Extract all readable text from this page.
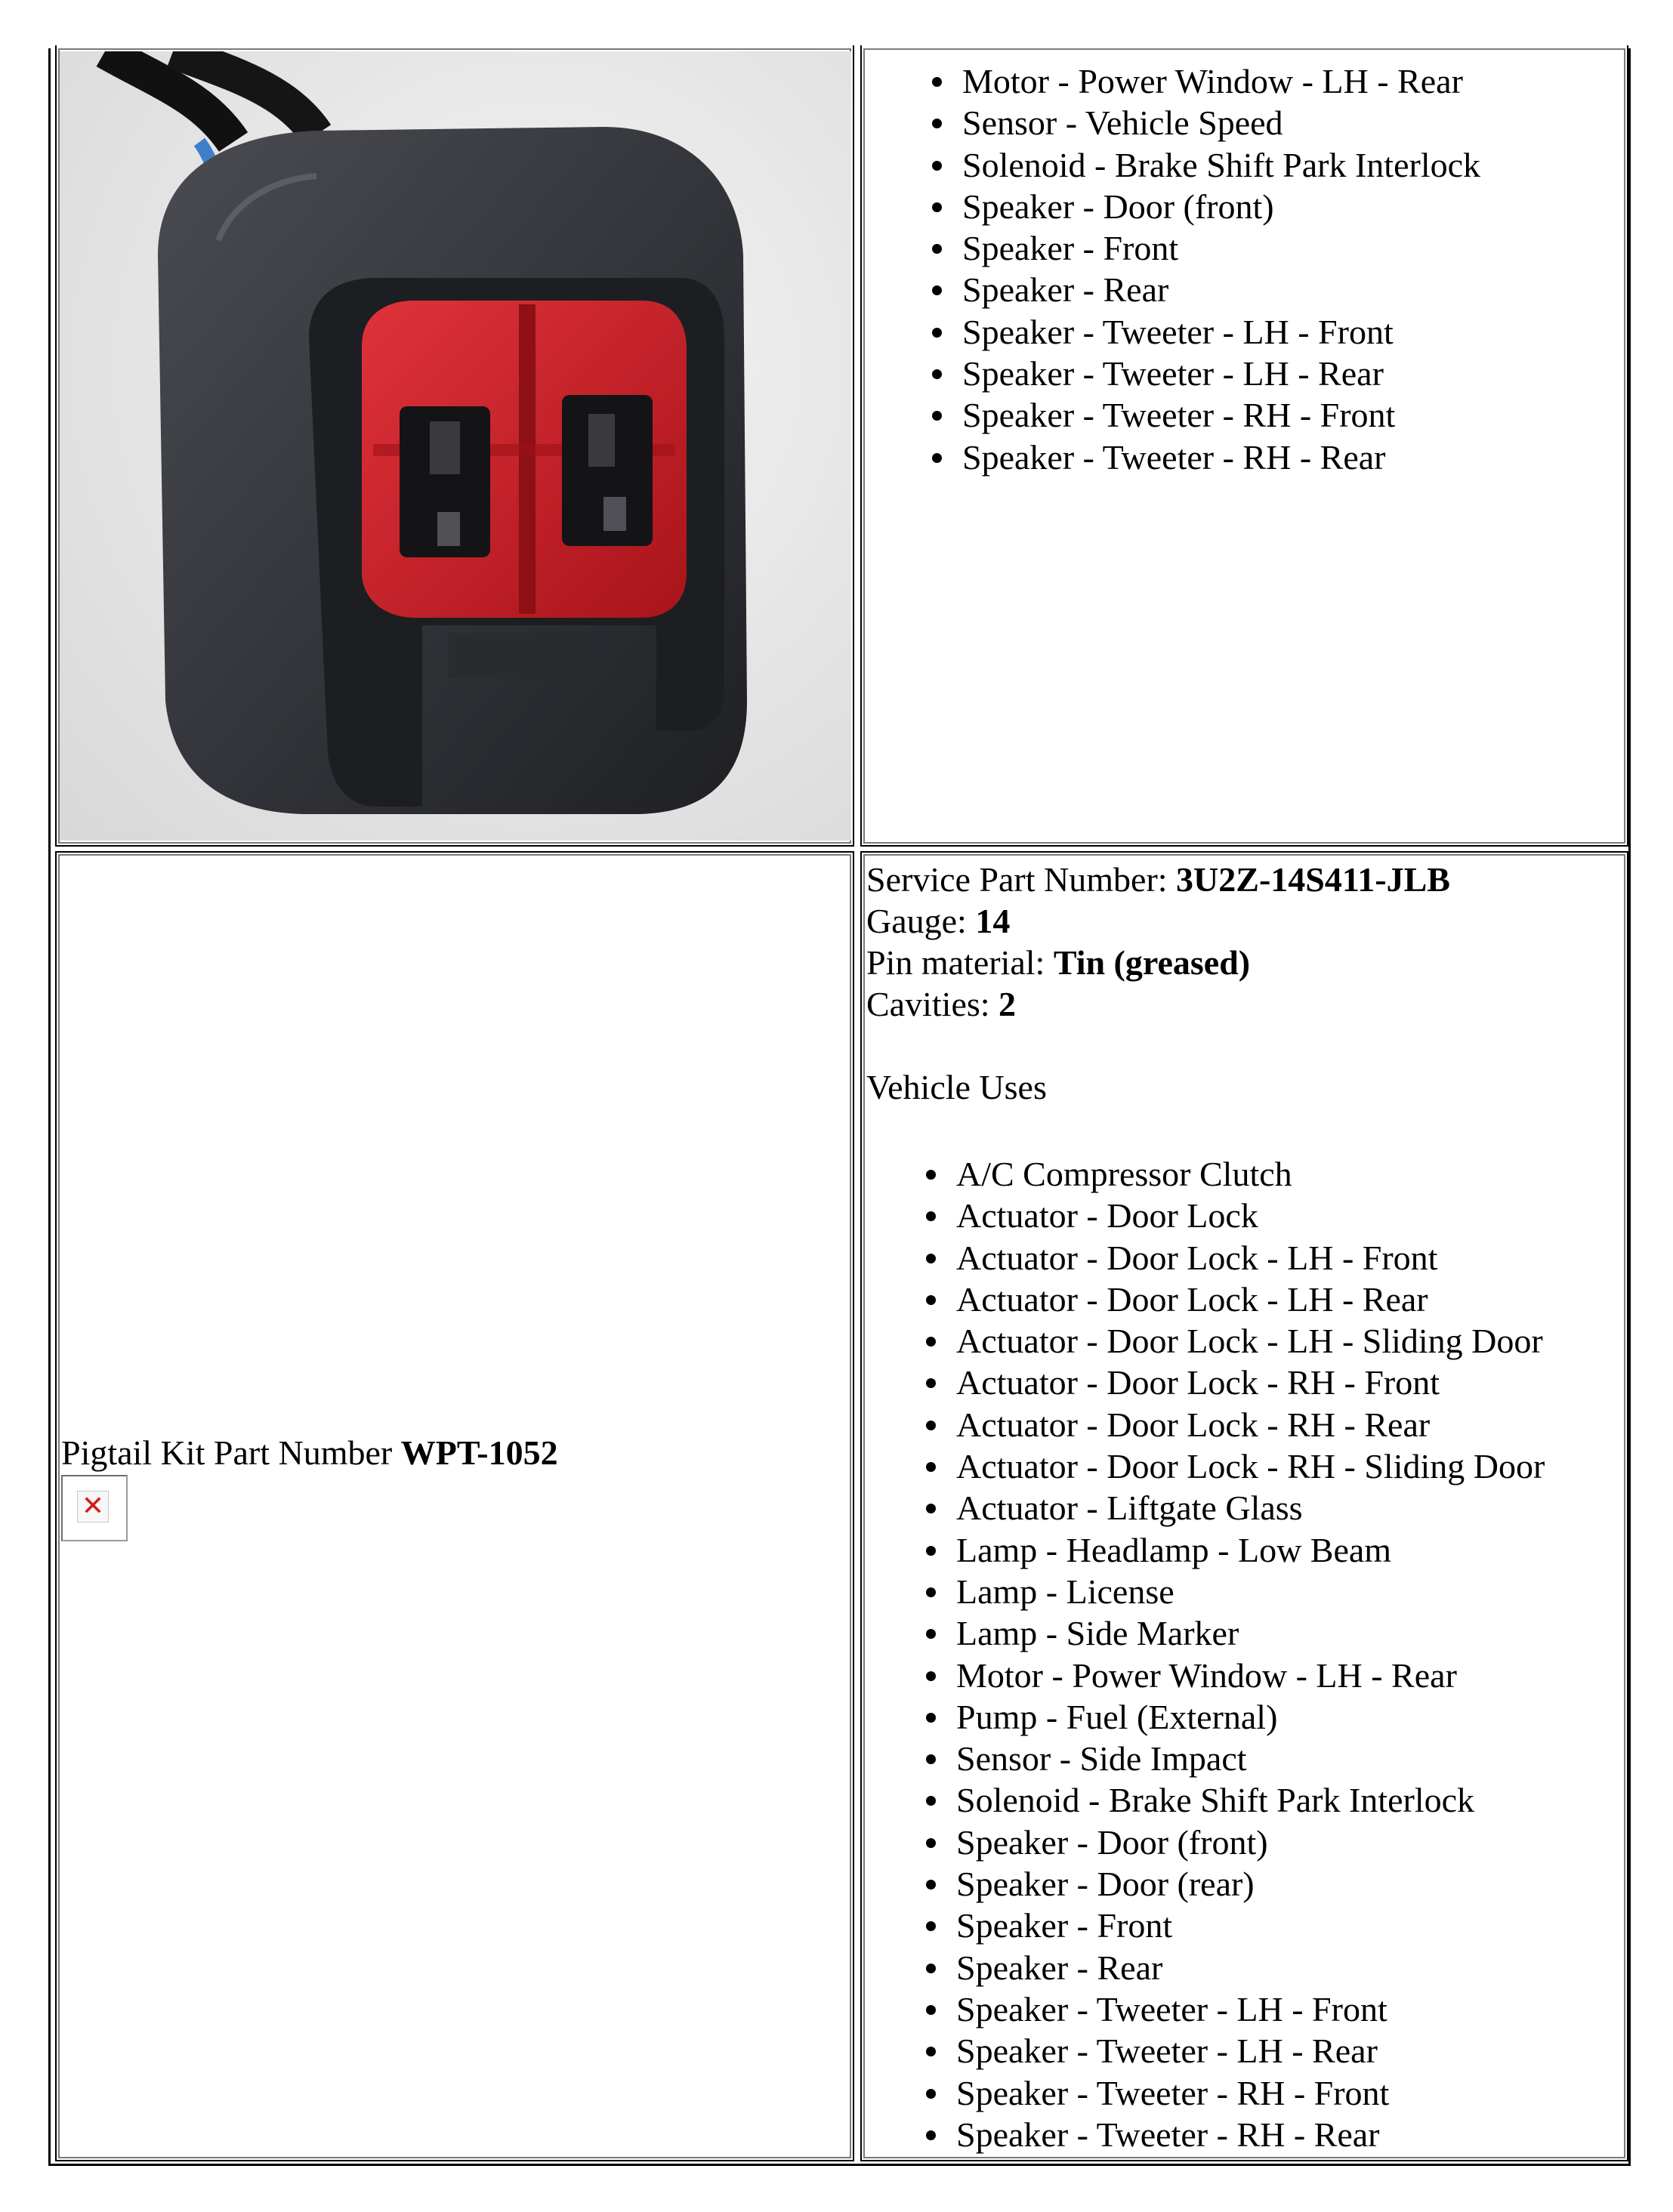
Motor - Power Window - LH - Rear
Sensor - Vehicle Speed
Solenoid - Brake Shift Park Interlock
Speaker - Door (front)
Speaker - Front
Speaker - Rear
Speaker - Tweeter - LH - Front
Speaker - Tweeter - LH - Rear
Speaker - Tweeter - RH - Front
Speaker - Tweeter - RH - Rear
Pigtail Kit Part Number WPT-1052
✕
Service Part Number: 3U2Z-14S411-JLB
Gauge: 14
Pin material: Tin (greased)
Cavities: 2
Vehicle Uses
A/C Compressor Clutch
Actuator - Door Lock
Actuator - Door Lock - LH - Front
Actuator - Door Lock - LH - Rear
Actuator - Door Lock - LH - Sliding Door
Actuator - Door Lock - RH - Front
Actuator - Door Lock - RH - Rear
Actuator - Door Lock - RH - Sliding Door
Actuator - Liftgate Glass
Lamp - Headlamp - Low Beam
Lamp - License
Lamp - Side Marker
Motor - Power Window - LH - Rear
Pump - Fuel (External)
Sensor - Side Impact
Solenoid - Brake Shift Park Interlock
Speaker - Door (front)
Speaker - Door (rear)
Speaker - Front
Speaker - Rear
Speaker - Tweeter - LH - Front
Speaker - Tweeter - LH - Rear
Speaker - Tweeter - RH - Front
Speaker - Tweeter - RH - Rear
